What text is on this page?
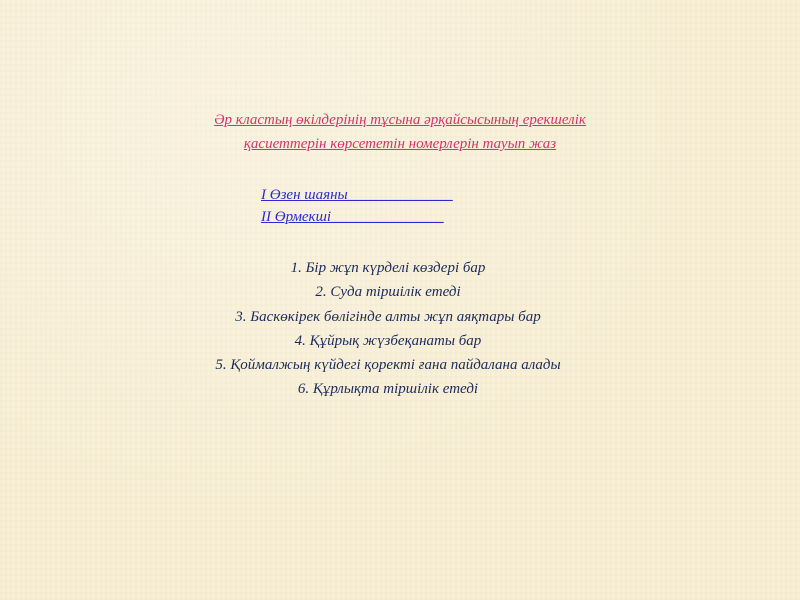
Әр кластың өкілдерінің тұсына әрқайсысының ерекшелік
қасиеттерін көрсететін номерлерін тауып жаз
I Өзен шаяны______________
II Өрмекші_______________
1. Бір жұп күрделі көздері бар
2. Суда тіршілік етеді
3. Баскөкірек бөлігінде алты жұп аяқтары бар
4. Құйрық жүзбеқанаты бар
5. Қоймалжың күйдегі қоректі ғана пайдалана алады
6. Құрлықта тіршілік етеді
